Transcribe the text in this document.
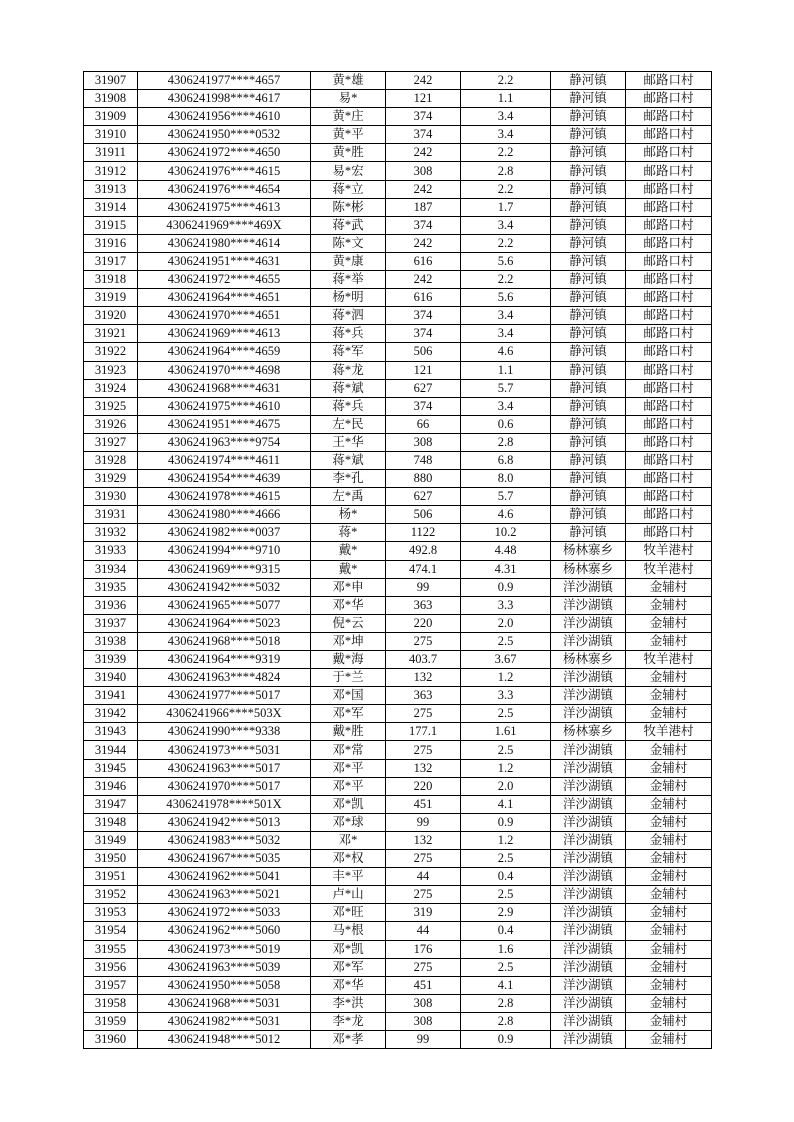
31907	4306241977****4657	黄*雄	242	2.2	静河镇	邮路口村
31908	4306241998****4617	易*	121	1.1	静河镇	邮路口村
31909	4306241956****4610	黄*庄	374	3.4	静河镇	邮路口村
31910	4306241950****0532	黄*平	374	3.4	静河镇	邮路口村
31911	4306241972****4650	黄*胜	242	2.2	静河镇	邮路口村
31912	4306241976****4615	易*宏	308	2.8	静河镇	邮路口村
31913	4306241976****4654	蒋*立	242	2.2	静河镇	邮路口村
31914	4306241975****4613	陈*彬	187	1.7	静河镇	邮路口村
31915	4306241969****469X	蒋*武	374	3.4	静河镇	邮路口村
31916	4306241980****4614	陈*文	242	2.2	静河镇	邮路口村
31917	4306241951****4631	黄*康	616	5.6	静河镇	邮路口村
31918	4306241972****4655	蒋*举	242	2.2	静河镇	邮路口村
31919	4306241964****4651	杨*明	616	5.6	静河镇	邮路口村
31920	4306241970****4651	蒋*泗	374	3.4	静河镇	邮路口村
31921	4306241969****4613	蒋*兵	374	3.4	静河镇	邮路口村
31922	4306241964****4659	蒋*军	506	4.6	静河镇	邮路口村
31923	4306241970****4698	蒋*龙	121	1.1	静河镇	邮路口村
31924	4306241968****4631	蒋*斌	627	5.7	静河镇	邮路口村
31925	4306241975****4610	蒋*兵	374	3.4	静河镇	邮路口村
31926	4306241951****4675	左*民	66	0.6	静河镇	邮路口村
31927	4306241963****9754	王*华	308	2.8	静河镇	邮路口村
31928	4306241974****4611	蒋*斌	748	6.8	静河镇	邮路口村
31929	4306241954****4639	李*孔	880	8.0	静河镇	邮路口村
31930	4306241978****4615	左*禹	627	5.7	静河镇	邮路口村
31931	4306241980****4666	杨*	506	4.6	静河镇	邮路口村
31932	4306241982****0037	蒋*	1122	10.2	静河镇	邮路口村
31933	4306241994****9710	戴*	492.8	4.48	杨林寨乡	牧羊港村
31934	4306241969****9315	戴*	474.1	4.31	杨林寨乡	牧羊港村
31935	4306241942****5032	邓*申	99	0.9	洋沙湖镇	金辅村
31936	4306241965****5077	邓*华	363	3.3	洋沙湖镇	金辅村
31937	4306241964****5023	倪*云	220	2.0	洋沙湖镇	金辅村
31938	4306241968****5018	邓*坤	275	2.5	洋沙湖镇	金辅村
31939	4306241964****9319	戴*海	403.7	3.67	杨林寨乡	牧羊港村
31940	4306241963****4824	于*兰	132	1.2	洋沙湖镇	金辅村
31941	4306241977****5017	邓*国	363	3.3	洋沙湖镇	金辅村
31942	4306241966****503X	邓*军	275	2.5	洋沙湖镇	金辅村
31943	4306241990****9338	戴*胜	177.1	1.61	杨林寨乡	牧羊港村
31944	4306241973****5031	邓*常	275	2.5	洋沙湖镇	金辅村
31945	4306241963****5017	邓*平	132	1.2	洋沙湖镇	金辅村
31946	4306241970****5017	邓*平	220	2.0	洋沙湖镇	金辅村
31947	4306241978****501X	邓*凯	451	4.1	洋沙湖镇	金辅村
31948	4306241942****5013	邓*球	99	0.9	洋沙湖镇	金辅村
31949	4306241983****5032	邓*	132	1.2	洋沙湖镇	金辅村
31950	4306241967****5035	邓*权	275	2.5	洋沙湖镇	金辅村
31951	4306241962****5041	丰*平	44	0.4	洋沙湖镇	金辅村
31952	4306241963****5021	卢*山	275	2.5	洋沙湖镇	金辅村
31953	4306241972****5033	邓*旺	319	2.9	洋沙湖镇	金辅村
31954	4306241962****5060	马*根	44	0.4	洋沙湖镇	金辅村
31955	4306241973****5019	邓*凯	176	1.6	洋沙湖镇	金辅村
31956	4306241963****5039	邓*军	275	2.5	洋沙湖镇	金辅村
31957	4306241950****5058	邓*华	451	4.1	洋沙湖镇	金辅村
31958	4306241968****5031	李*洪	308	2.8	洋沙湖镇	金辅村
31959	4306241982****5031	李*龙	308	2.8	洋沙湖镇	金辅村
31960	4306241948****5012	邓*孝	99	0.9	洋沙湖镇	金辅村
